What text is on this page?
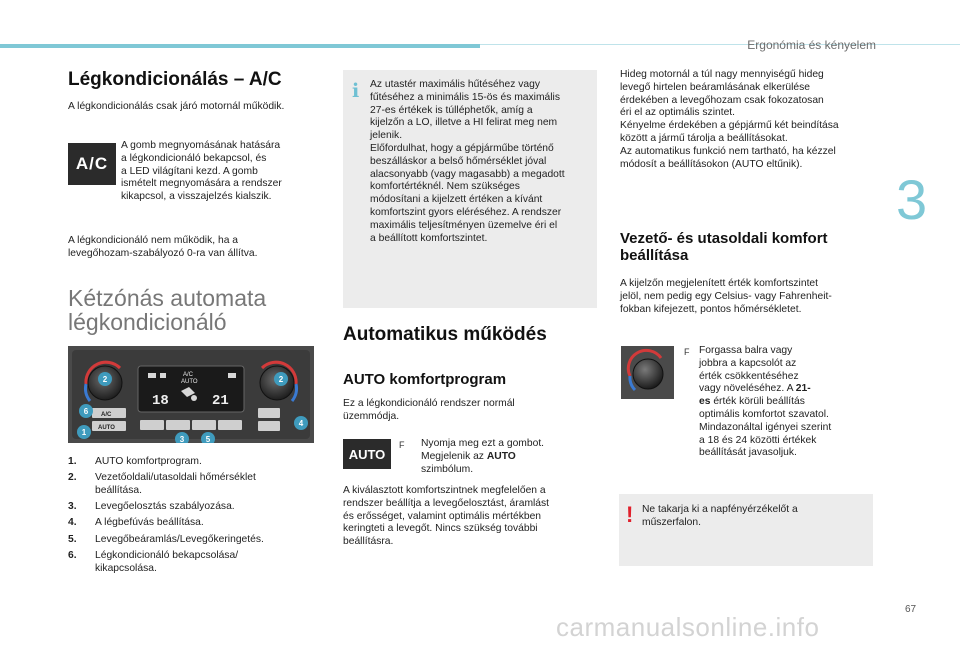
Ergonómia és kényelem
3
Légkondicionálás – A/C
A légkondicionálás csak járó motornál működik.
A/C
A gomb megnyomásának hatására
a légkondicionáló bekapcsol, és
a LED világítani kezd. A gomb
ismételt megnyomására a rendszer
kikapcsol, a visszajelzés kialszik.
A légkondicionáló nem működik, ha a
levegőhozam-szabályozó 0-ra van állítva.
Kétzónás automata
légkondicionáló
A/C
AUTO
18	21
A/C
AUTO
1
2	2
3
4
5
6
1.	AUTO komfortprogram.
2.	Vezetőoldali/utasoldali hőmérséklet beállítása.
3.	Levegőelosztás szabályozása.
4.	A légbefúvás beállítása.
5.	Levegőbeáramlás/Levegőkeringetés.
6.	Légkondicionáló bekapcsolása/ kikapcsolása.
i Az utastér maximális hűtéséhez vagy
fűtéséhez a minimális 15-ös és maximális
27-es értékek is túlléphetők, amíg a
kijelzőn a LO, illetve a HI felirat meg nem
jelenik.
Előfordulhat, hogy a gépjárműbe történő
beszálláskor a belső hőmérséklet jóval
alacsonyabb (vagy magasabb) a megadott
komfortértéknél. Nem szükséges
módosítani a kijelzett értéken a kívánt
komfortszint gyors eléréséhez. A rendszer
maximális teljesítményen üzemelve éri el
a beállított komfortszintet.
Automatikus működés
AUTO komfortprogram
Ez a légkondicionáló rendszer normál
üzemmódja.
AUTO
F Nyomja meg ezt a gombot.
Megjelenik az AUTO
szimbólum.
A kiválasztott komfortszintnek megfelelően a
rendszer beállítja a levegőelosztást, áramlást
és erősséget, valamint optimális mértékben
keringteti a levegőt. Nincs szükség további
beállításra.
Hideg motornál a túl nagy mennyiségű hideg
levegő hirtelen beáramlásának elkerülése
érdekében a levegőhozam csak fokozatosan
éri el az optimális szintet.
Kényelme érdekében a gépjármű két beindítása
között a jármű tárolja a beállításokat.
Az automatikus funkció nem tartható, ha kézzel
módosít a beállításokon (AUTO eltűnik).
Vezető- és utasoldali komfort
beállítása
A kijelzőn megjelenített érték komfortszintet
jelöl, nem pedig egy Celsius- vagy Fahrenheit-
fokban kifejezett, pontos hőmérsékletet.
F Forgassa balra vagy
jobbra a kapcsolót az
érték csökkentéséhez
vagy növeléséhez. A 21-
es érték körüli beállítás
optimális komfortot szavatol.
Mindazonáltal igényei szerint
a 18 és 24 közötti értékek
beállítását javasoljuk.
! Ne takarja ki a napfényérzékelőt a
műszerfalon.
67
carmanualsonline.info
